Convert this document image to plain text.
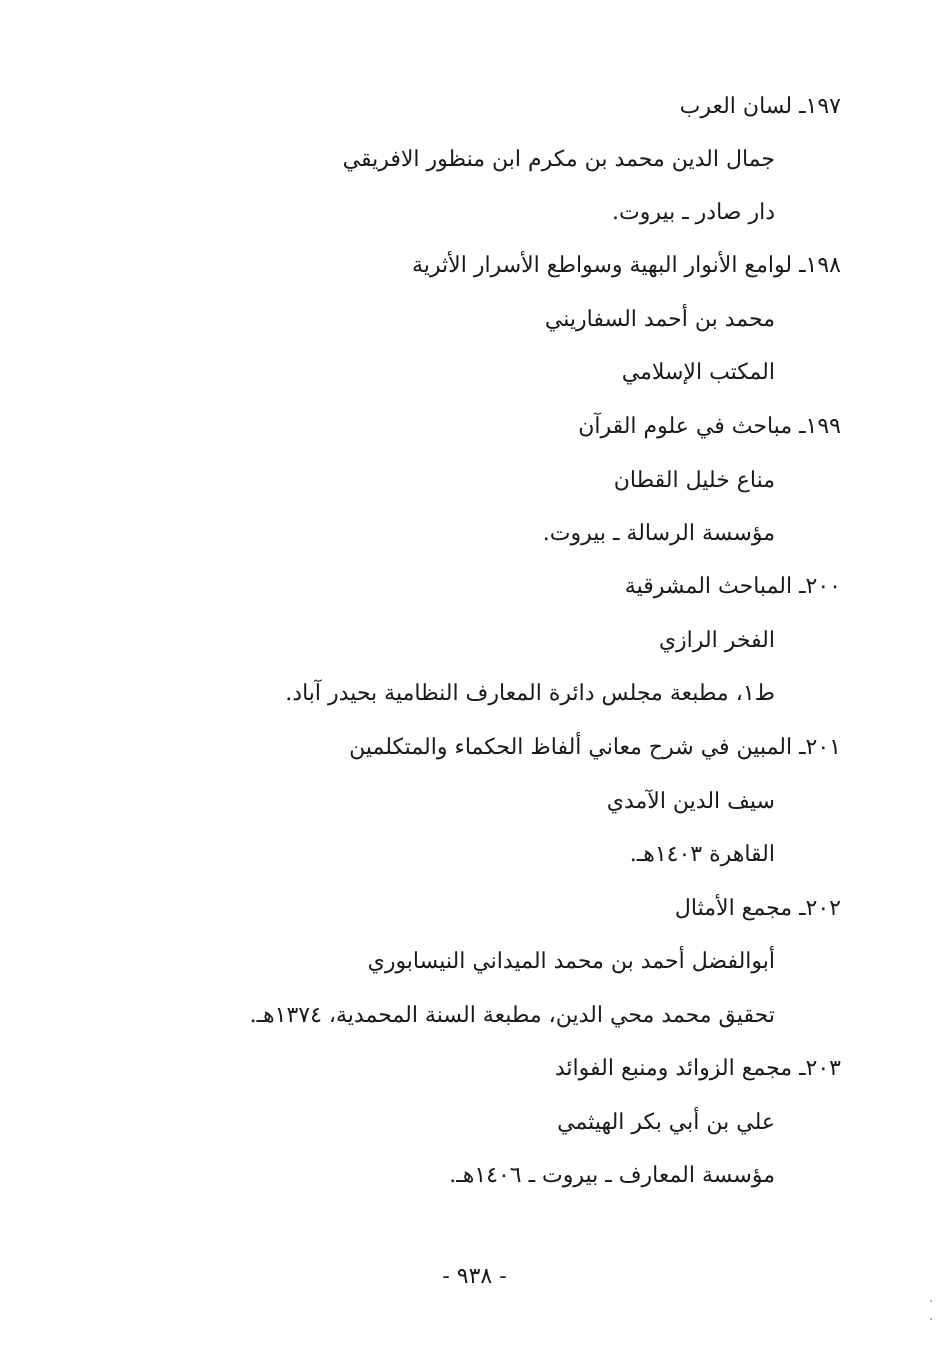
١٩٧ـ لسان العرب
جمال الدين محمد بن مكرم ابن منظور الافريقي
دار صادر ـ بيروت.
١٩٨ـ لوامع الأنوار البهية وسواطع الأسرار الأثرية
محمد بن أحمد السفاريني
المكتب الإسلامي
١٩٩ـ مباحث في علوم القرآن
مناع خليل القطان
مؤسسة الرسالة ـ بيروت.
٢٠٠ـ المباحث المشرقية
الفخر الرازي
ط١، مطبعة مجلس دائرة المعارف النظامية بحيدر آباد.
٢٠١ـ المبين في شرح معاني ألفاظ الحكماء والمتكلمين
سيف الدين الآمدي
القاهرة ١٤٠٣هـ.
٢٠٢ـ مجمع الأمثال
أبوالفضل أحمد بن محمد الميداني النيسابوري
تحقيق محمد محي الدين، مطبعة السنة المحمدية، ١٣٧٤هـ.
٢٠٣ـ مجمع الزوائد ومنبع الفوائد
علي بن أبي بكر الهيثمي
مؤسسة المعارف ـ بيروت ـ ١٤٠٦هـ.
- ٩٣٨ -
